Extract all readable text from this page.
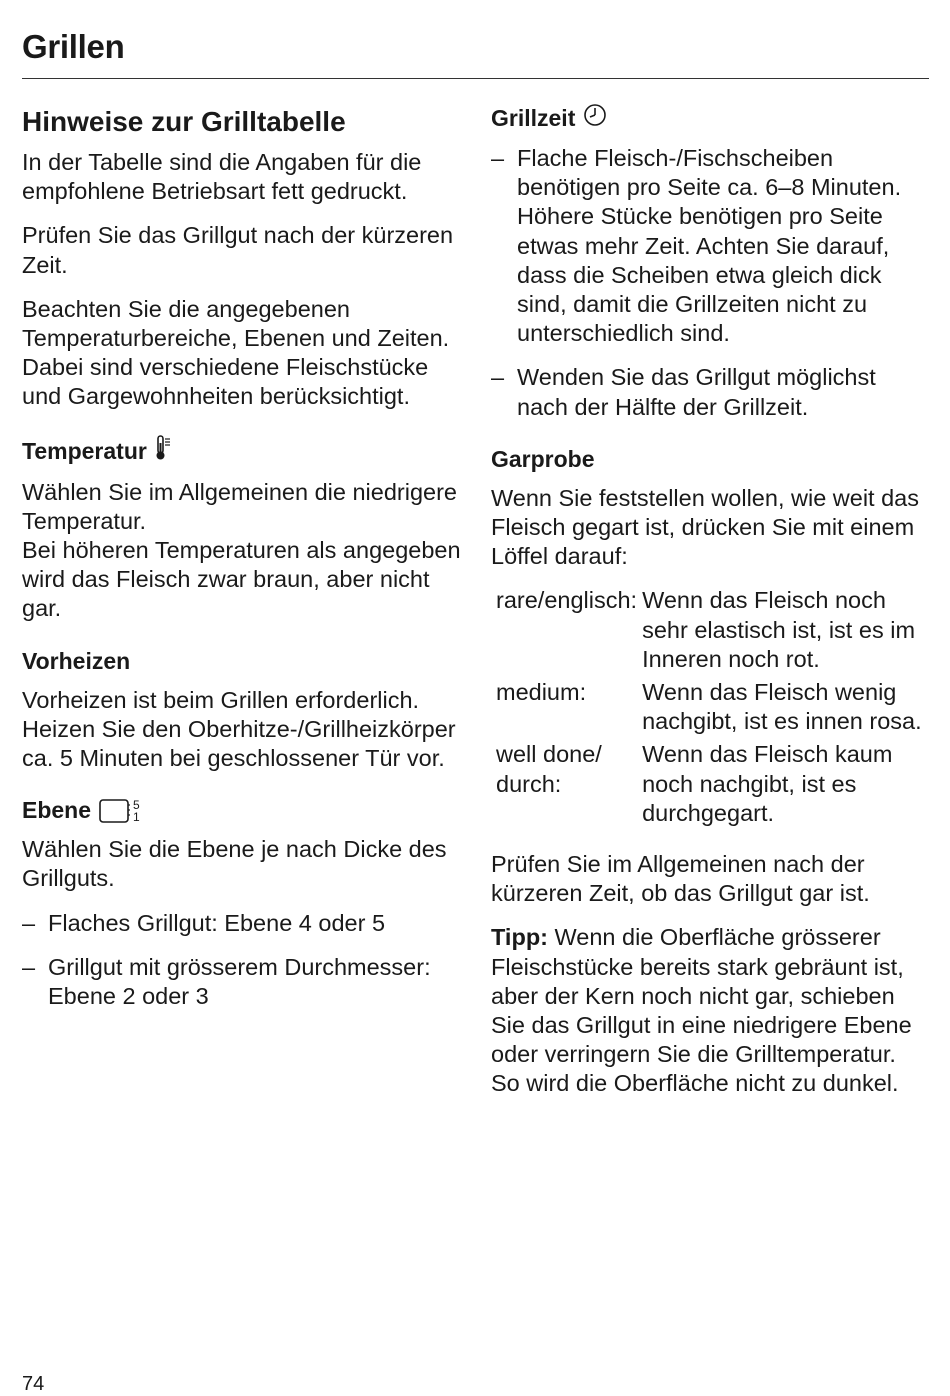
Grillen
Hinweise zur Grilltabelle

In der Tabelle sind die Angaben für die empfohlene Betriebsart fett gedruckt.

Prüfen Sie das Grillgut nach der kürzeren Zeit.

Beachten Sie die angegebenen Temperaturbereiche, Ebenen und Zeiten. Dabei sind verschiedene Fleischstücke und Gargewohnheiten berücksichtigt.

Temperatur

Wählen Sie im Allgemeinen die niedrigere Temperatur.

Bei höheren Temperaturen als angegeben wird das Fleisch zwar braun, aber nicht gar.

Vorheizen

Vorheizen ist beim Grillen erforderlich. Heizen Sie den Oberhitze-/Grillheizkörper ca. 5 Minuten bei geschlossener Tür vor.

Ebene	5
1

Wählen Sie die Ebene je nach Dicke des Grillguts.

– Flaches Grillgut: Ebene 4 oder 5
– Grillgut mit grösserem Durchmesser: Ebene 2 oder 3
Grillzeit
– Flache Fleisch-/Fischscheiben benötigen pro Seite ca. 6–8 Minuten. Höhere Stücke benötigen pro Seite etwas mehr Zeit. Achten Sie darauf, dass die Scheiben etwa gleich dick sind, damit die Grillzeiten nicht zu unterschiedlich sind.
– Wenden Sie das Grillgut möglichst nach der Hälfte der Grillzeit.
Garprobe

Wenn Sie feststellen wollen, wie weit das Fleisch gegart ist, drücken Sie mit einem Löffel darauf:

rare/englisch:	Wenn das Fleisch noch sehr elastisch ist, ist es im Inneren noch rot.
medium:	Wenn das Fleisch wenig nachgibt, ist es innen rosa.
well done/ durch:	Wenn das Fleisch kaum noch nachgibt, ist es durchgegart.

Prüfen Sie im Allgemeinen nach der kürzeren Zeit, ob das Grillgut gar ist.

Tipp: Wenn die Oberfläche grösserer Fleischstücke bereits stark gebräunt ist, aber der Kern noch nicht gar, schieben Sie das Grillgut in eine niedrigere Ebene oder verringern Sie die Grilltemperatur. So wird die Oberfläche nicht zu dunkel.

74
